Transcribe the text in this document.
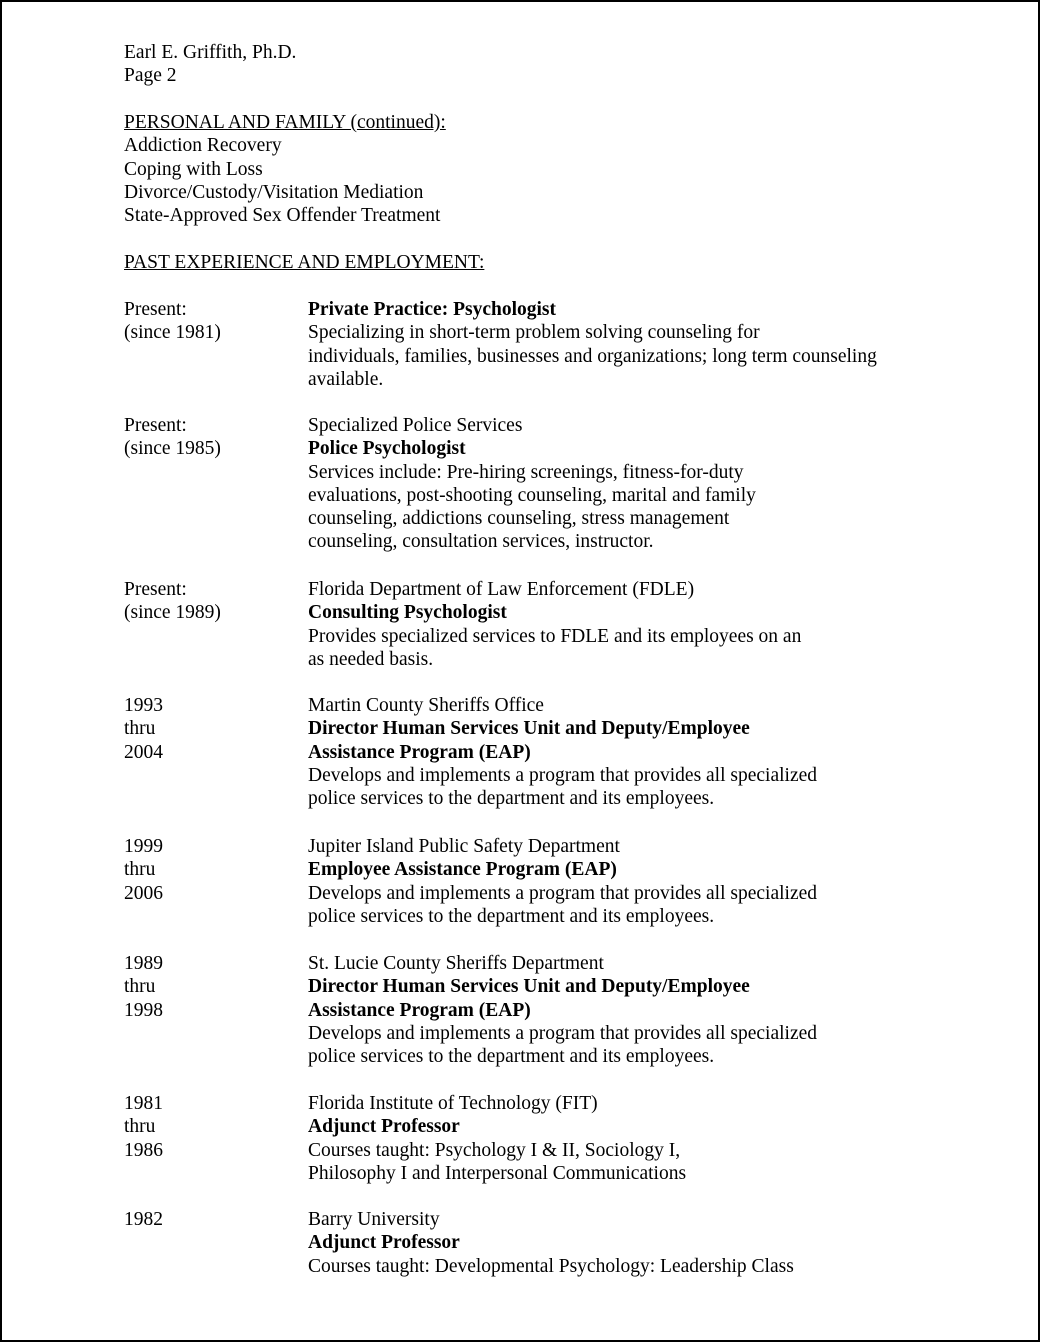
Earl E. Griffith, Ph.D.
Page 2
PERSONAL AND FAMILY (continued):
Addiction Recovery
Coping with Loss
Divorce/Custody/Visitation Mediation
State-Approved Sex Offender Treatment
PAST EXPERIENCE AND EMPLOYMENT:
Present:
(since 1981)
Private Practice: Psychologist
Specializing in short-term problem solving counseling for
individuals, families, businesses and organizations; long term counseling
available.
Present:
(since 1985)
Specialized Police Services
Police Psychologist
Services include: Pre-hiring screenings, fitness-for-duty
evaluations, post-shooting counseling, marital and family
counseling, addictions counseling, stress management
counseling, consultation services, instructor.
Present:
(since 1989)
Florida Department of Law Enforcement (FDLE)
Consulting Psychologist
Provides specialized services to FDLE and its employees on an
as needed basis.
1993
thru
2004
Martin County Sheriffs Office
Director Human Services Unit and Deputy/Employee
Assistance Program (EAP)
Develops and implements a program that provides all specialized
police services to the department and its employees.
1999
thru
2006
Jupiter Island Public Safety Department
Employee Assistance Program (EAP)
Develops and implements a program that provides all specialized
police services to the department and its employees.
1989
thru
1998
St. Lucie County Sheriffs Department
Director Human Services Unit and Deputy/Employee
Assistance Program (EAP)
Develops and implements a program that provides all specialized
police services to the department and its employees.
1981
thru
1986
Florida Institute of Technology (FIT)
Adjunct Professor
Courses taught: Psychology I & II, Sociology I,
Philosophy I and Interpersonal Communications
1982	Barry University
Adjunct Professor
Courses taught: Developmental Psychology: Leadership Class
